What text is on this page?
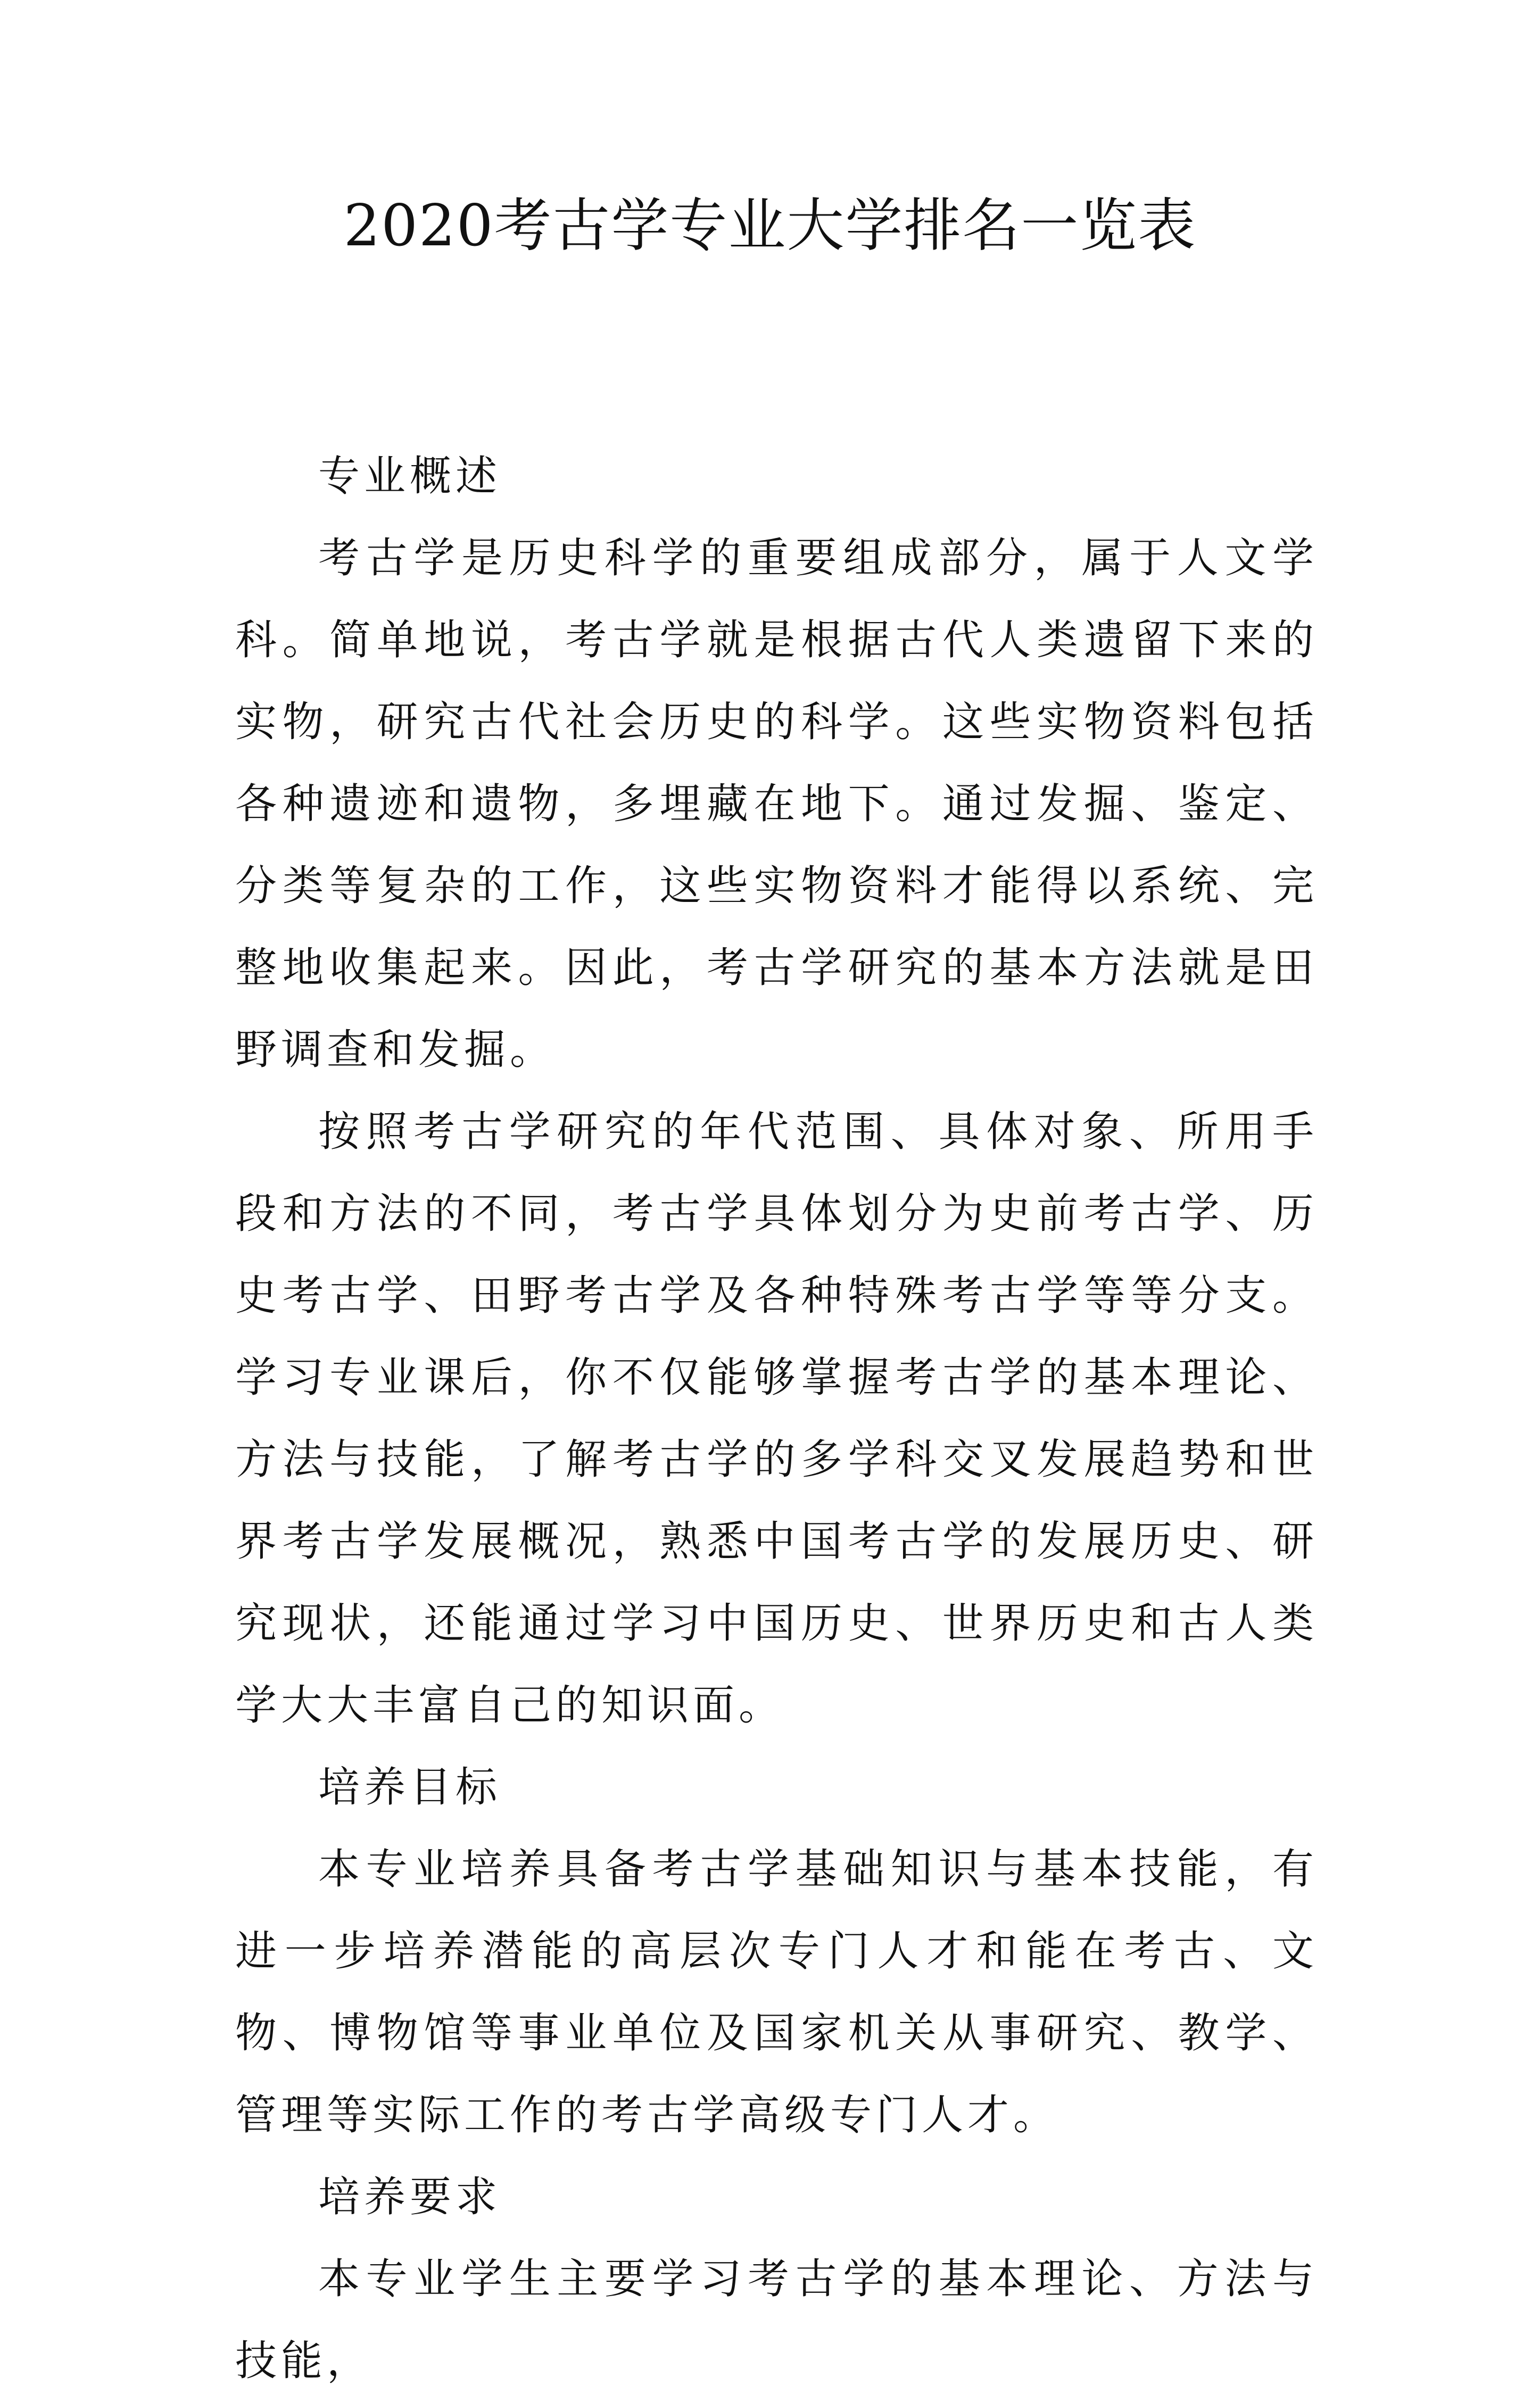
2020考古学专业大学排名一览表

专业概述

考古学是历史科学的重要组成部分，属于人文学科。简单地说，考古学就是根据古代人类遗留下来的实物，研究古代社会历史的科学。这些实物资料包括各种遗迹和遗物，多埋藏在地下。通过发掘、鉴定、分类等复杂的工作，这些实物资料才能得以系统、完整地收集起来。因此，考古学研究的基本方法就是田野调查和发掘。

按照考古学研究的年代范围、具体对象、所用手段和方法的不同，考古学具体划分为史前考古学、历史考古学、田野考古学及各种特殊考古学等等分支。学习专业课后，你不仅能够掌握考古学的基本理论、方法与技能，了解考古学的多学科交叉发展趋势和世界考古学发展概况，熟悉中国考古学的发展历史、研究现状，还能通过学习中国历史、世界历史和古人类学大大丰富自己的知识面。

培养目标

本专业培养具备考古学基础知识与基本技能，有进一步培养潜能的高层次专门人才和能在考古、文物、博物馆等事业单位及国家机关从事研究、教学、管理等实际工作的考古学高级专门人才。

培养要求

本专业学生主要学习考古学的基本理论、方法与技能，
